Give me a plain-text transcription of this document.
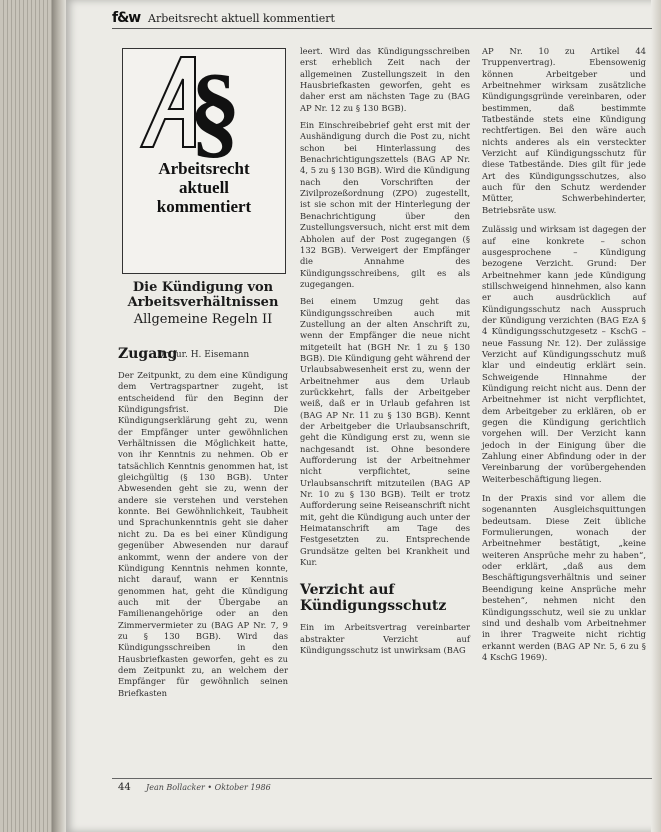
f&w Arbeitsrecht aktuell kommentiert
§
Arbeitsrecht aktuell kommentiert
Die Kündigung von Arbeitsverhältnissen
Allgemeine Regeln II
Dr. jur. H. Eisemann
Zugang

Der Zeitpunkt, zu dem eine Kündigung dem Vertragspartner zugeht, ist entscheidend für den Beginn der Kündigungsfrist. Die Kündigungserklärung geht zu, wenn der Empfänger unter gewöhnlichen Verhältnissen die Möglichkeit hatte, von ihr Kenntnis zu nehmen. Ob er tatsächlich Kenntnis genommen hat, ist gleichgültig (§ 130 BGB). Unter Abwesenden geht sie zu, wenn der andere sie verstehen und verstehen konnte. Bei Gewöhnlichkeit, Taubheit und Sprachunkenntnis geht sie daher nicht zu. Da es bei einer Kündigung gegenüber Abwesenden nur darauf ankommt, wenn der andere von der Kündigung Kenntnis nehmen konnte, nicht darauf, wann er Kenntnis genommen hat, geht die Kündigung auch mit der Übergabe an Familienangehörige oder an den Zimmervermieter zu (BAG AP Nr. 7, 9 zu § 130 BGB). Wird das Kündigungsschreiben in den Hausbriefkasten geworfen, geht es zu dem Zeitpunkt zu, an welchem der Empfänger für gewöhnlich seinen Briefkasten

leert. Wird das Kündigungsschreiben erst erheblich Zeit nach der allgemeinen Zustellungszeit in den Hausbriefkasten geworfen, geht es daher erst am nächsten Tage zu (BAG AP Nr. 12 zu § 130 BGB).

Ein Einschreibebrief geht erst mit der Aushändigung durch die Post zu, nicht schon bei Hinterlassung des Benachrichtigungszettels (BAG AP Nr. 4, 5 zu § 130 BGB). Wird die Kündigung nach den Vorschriften der Zivilprozeßordnung (ZPO) zugestellt, ist sie schon mit der Hinterlegung der Benachrichtigung über den Zustellungsversuch, nicht erst mit dem Abholen auf der Post zugegangen (§ 132 BGB). Verweigert der Empfänger die Annahme des Kündigungsschreibens, gilt es als zugegangen.

Bei einem Umzug geht das Kündigungsschreiben auch mit Zustellung an der alten Anschrift zu, wenn der Empfänger die neue nicht mitgeteilt hat (BGH Nr. 1 zu § 130 BGB). Die Kündigung geht während der Urlaubsabwesenheit erst zu, wenn der Arbeitnehmer aus dem Urlaub zurückkehrt, falls der Arbeitgeber weiß, daß er in Urlaub gefahren ist (BAG AP Nr. 11 zu § 130 BGB). Kennt der Arbeitgeber die Urlaubsanschrift, geht die Kündigung erst zu, wenn sie nachgesandt ist. Ohne besondere Aufforderung ist der Arbeitnehmer nicht verpflichtet, seine Urlaubsanschrift mitzuteilen (BAG AP Nr. 10 zu § 130 BGB). Teilt er trotz Aufforderung seine Reiseanschrift nicht mit, geht die Kündigung auch unter der Heimatanschrift am Tage des Festgesetzten zu. Entsprechende Grundsätze gelten bei Krankheit und Kur.

Verzicht auf Kündigungsschutz

Ein im Arbeitsvertrag vereinbarter abstrakter Verzicht auf Kündigungsschutz ist unwirksam (BAG

AP Nr. 10 zu Artikel 44 Truppenvertrag). Ebensowenig können Arbeitgeber und Arbeitnehmer wirksam zusätzliche Kündigungsgründe vereinbaren, oder bestimmen, daß bestimmte Tatbestände stets eine Kündigung rechtfertigen. Bei den wäre auch nichts anderes als ein versteckter Verzicht auf Kündigungsschutz für diese Tatbestände. Dies gilt für jede Art des Kündigungsschutzes, also auch für den Schutz werdender Mütter, Schwerbehinderter, Betriebsräte usw.

Zulässig und wirksam ist dagegen der auf eine konkrete – schon ausgesprochene – Kündigung bezogene Verzicht. Grund: Der Arbeitnehmer kann jede Kündigung stillschweigend hinnehmen, also kann er auch ausdrücklich auf Kündigungsschutz nach Ausspruch der Kündigung verzichten (BAG EzA § 4 Kündigungsschutzgesetz – KschG – neue Fassung Nr. 12). Der zulässige Verzicht auf Kündigungsschutz muß klar und eindeutig erklärt sein. Schweigende Hinnahme der Kündigung reicht nicht aus. Denn der Arbeitnehmer ist nicht verpflichtet, dem Arbeitgeber zu erklären, ob er gegen die Kündigung gerichtlich vorgehen will. Der Verzicht kann jedoch in der Einigung über die Zahlung einer Abfindung oder in der Vereinbarung der vorübergehenden Weiterbeschäftigung liegen.

In der Praxis sind vor allem die sogenannten Ausgleichsquittungen bedeutsam. Diese Zeit übliche Formulierungen, wonach der Arbeitnehmer bestätigt, „keine weiteren Ansprüche mehr zu haben“, oder erklärt, „daß aus dem Beschäftigungsverhältnis und seiner Beendigung keine Ansprüche mehr bestehen“, nehmen nicht den Kündigungsschutz, weil sie zu unklar sind und deshalb vom Arbeitnehmer in ihrer Tragweite nicht richtig erkannt werden (BAG AP Nr. 5, 6 zu § 4 KschG 1969).

44 Jean Bollacker • Oktober 1986
